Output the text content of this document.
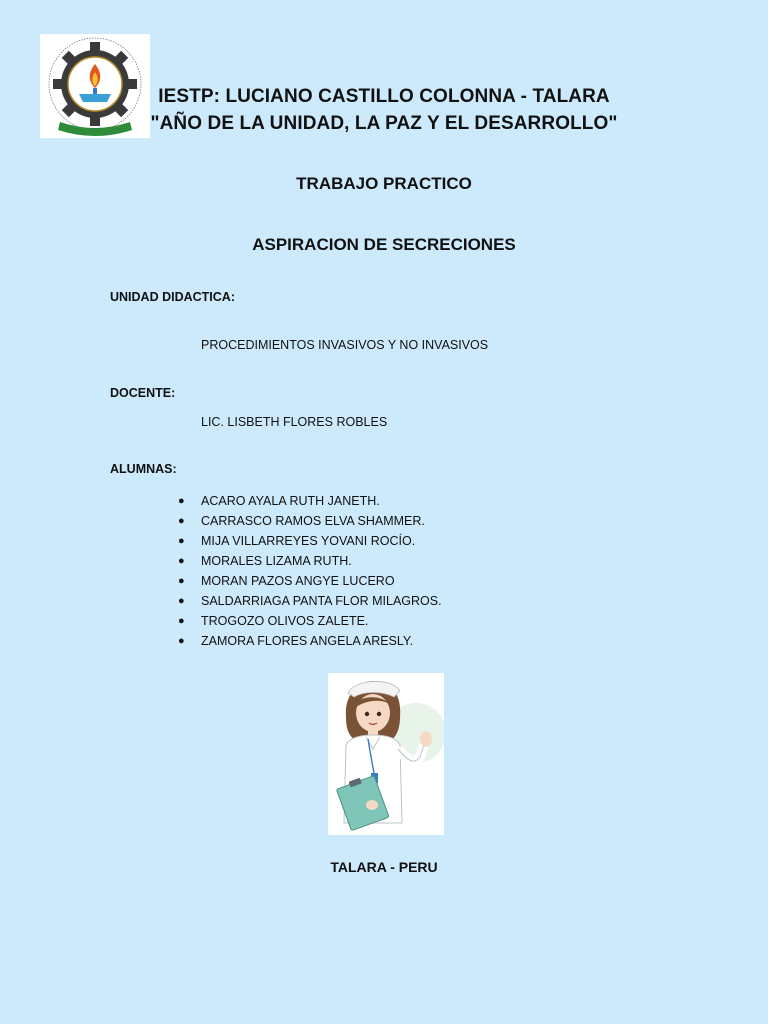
IESTP: LUCIANO CASTILLO COLONNA - TALARA
"AÑO DE LA UNIDAD, LA PAZ Y EL DESARROLLO"
TRABAJO PRACTICO
ASPIRACION DE SECRECIONES
UNIDAD DIDACTICA:
PROCEDIMIENTOS INVASIVOS Y NO INVASIVOS
DOCENTE:
LIC. LISBETH FLORES ROBLES
ALUMNAS:
● ACARO AYALA RUTH JANETH.
● CARRASCO RAMOS ELVA SHAMMER.
● MIJA VILLARREYES YOVANI ROCÍO.
● MORALES LIZAMA RUTH.
● MORAN PAZOS ANGYE LUCERO
● SALDARRIAGA PANTA FLOR MILAGROS.
● TROGOZO OLIVOS ZALETE.
● ZAMORA FLORES ANGELA ARESLY.
TALARA - PERU
